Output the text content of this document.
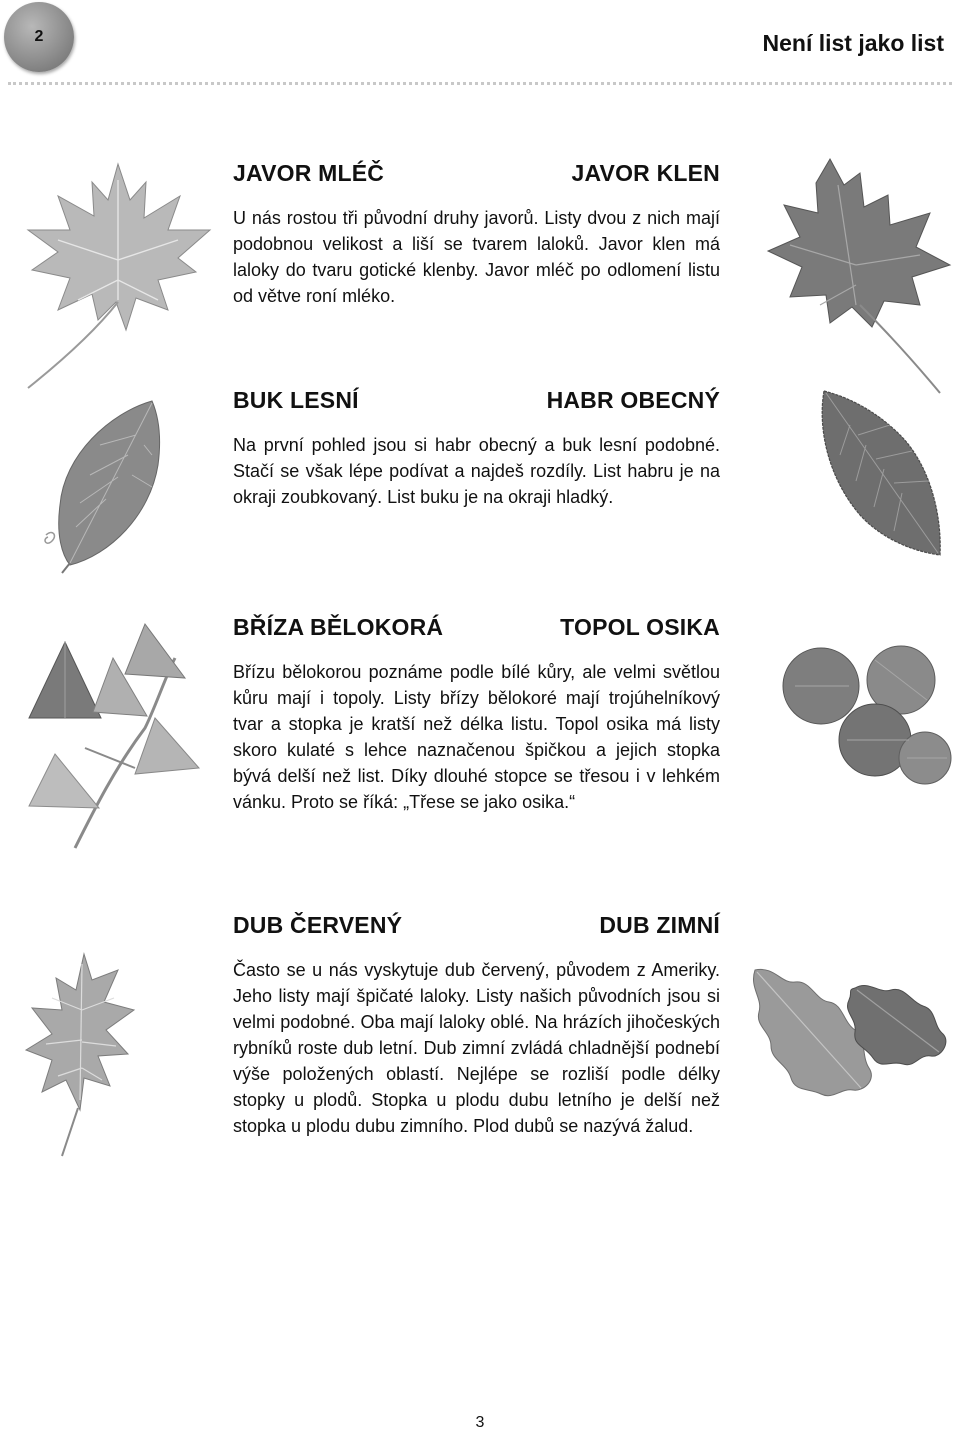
2	Není list jako list
JAVOR MLÉČ	JAVOR KLEN
U nás rostou tři původní druhy javorů. Listy dvou z nich mají podobnou velikost a liší se tvarem laloků. Javor klen má laloky do tvaru gotické klenby. Javor mléč po odlomení listu od větve roní mléko.
BUK LESNÍ	HABR OBECNÝ
Na první pohled jsou si habr obecný a buk lesní podobné. Stačí se však lépe podívat a najdeš rozdíly. List habru je na okraji zoubkovaný. List buku je na okraji hladký.
BŘÍZA BĚLOKORÁ	TOPOL OSIKA
Břízu bělokorou poznáme podle bílé kůry, ale velmi světlou kůru mají i topoly. Listy břízy bělokoré mají trojúhelníkový tvar a stopka je kratší než délka listu. Topol osika má listy skoro kulaté s lehce naznačenou špičkou a jejich stopka bývá delší než list. Díky dlouhé stopce se třesou i v lehkém vánku. Proto se říká: „Třese se jako osika.“
DUB ČERVENÝ	DUB ZIMNÍ
Často se u nás vyskytuje dub červený, původem z Ameriky. Jeho listy mají špičaté laloky. Listy našich původních jsou si velmi podobné. Oba mají laloky oblé. Na hrázích jihočeských rybníků roste dub letní. Dub zimní zvládá chladnější podnebí výše položených oblastí. Nejlépe se rozliší podle délky stopky u plodů. Stopka u plodu dubu letního je delší než stopka u plodu dubu zimního. Plod dubů se nazývá žalud.
3
